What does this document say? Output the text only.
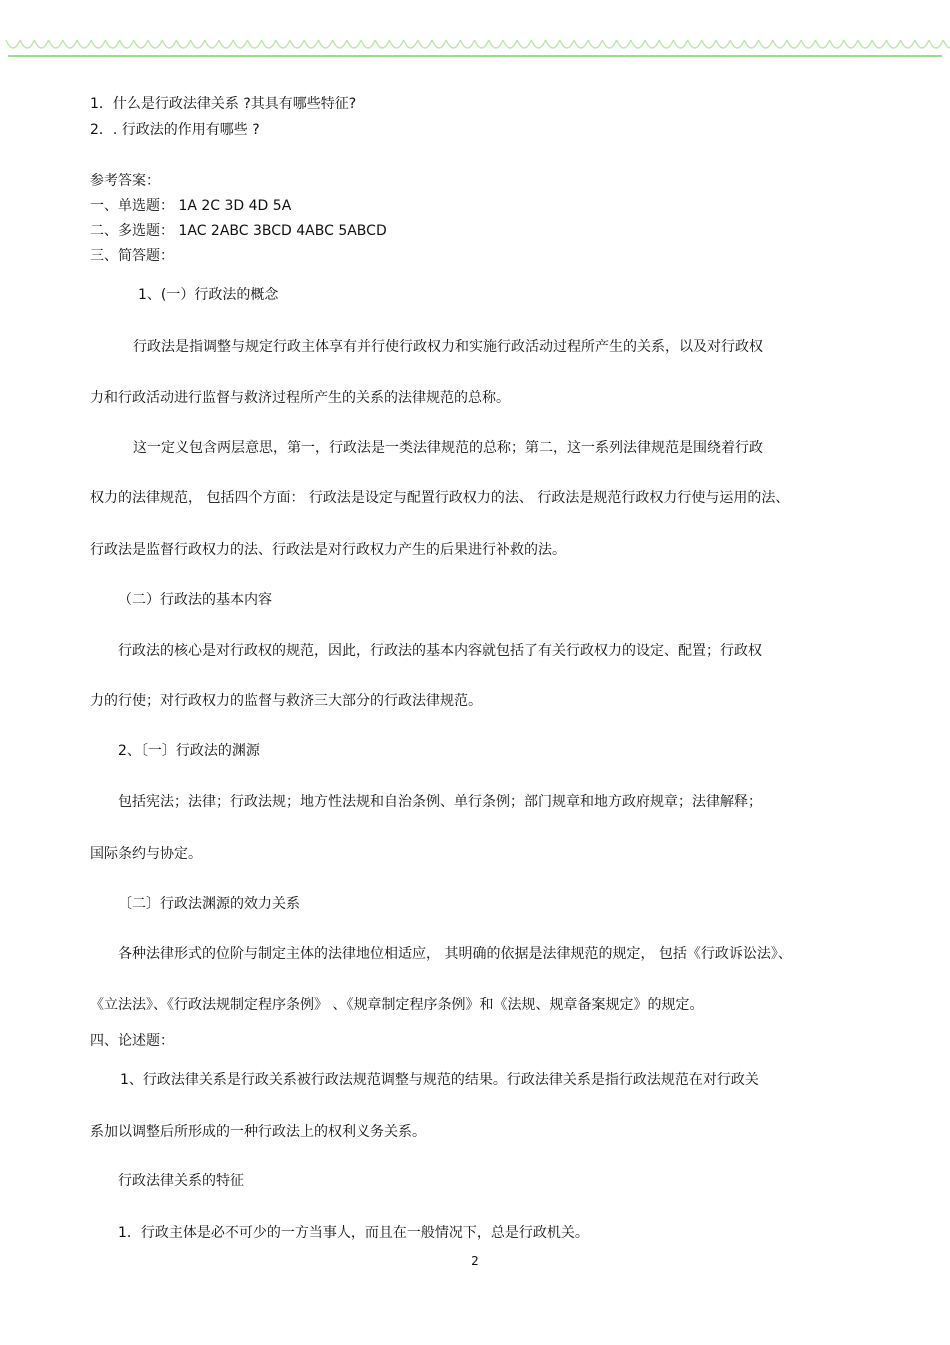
1．什么是行政法律关系 ?其具有哪些特征?

2．. 行政法的作用有哪些 ?

参考答案：

一、单选题： 1A 2C 3D 4D 5A

二、多选题： 1AC 2ABC 3BCD 4ABC 5ABCD

三、简答题：

1、(一）行政法的概念

行政法是指调整与规定行政主体享有并行使行政权力和实施行政活动过程所产生的关系，以及对行政权

力和行政活动进行监督与救济过程所产生的关系的法律规范的总称。

这一定义包含两层意思，第一，行政法是一类法律规范的总称；第二，这一系列法律规范是围绕着行政

权力的法律规范， 包括四个方面： 行政法是设定与配置行政权力的法、 行政法是规范行政权力行使与运用的法、

行政法是监督行政权力的法、行政法是对行政权力产生的后果进行补救的法。

（二）行政法的基本内容

行政法的核心是对行政权的规范，因此，行政法的基本内容就包括了有关行政权力的设定、配置；行政权

力的行使；对行政权力的监督与救济三大部分的行政法律规范。

2、〔一〕行政法的渊源

包括宪法；法律；行政法规；地方性法规和自治条例、单行条例；部门规章和地方政府规章；法律解释；

国际条约与协定。

〔二〕行政法渊源的效力关系

各种法律形式的位阶与制定主体的法律地位相适应， 其明确的依据是法律规范的规定， 包括《行政诉讼法》、

《立法法》、《行政法规制定程序条例》 、《规章制定程序条例》和《法规、规章备案规定》的规定。

四、论述题：

1、行政法律关系是行政关系被行政法规范调整与规范的结果。行政法律关系是指行政法规范在对行政关

系加以调整后所形成的一种行政法上的权利义务关系。

行政法律关系的特征

1．行政主体是必不可少的一方当事人，而且在一般情况下，总是行政机关。

2
